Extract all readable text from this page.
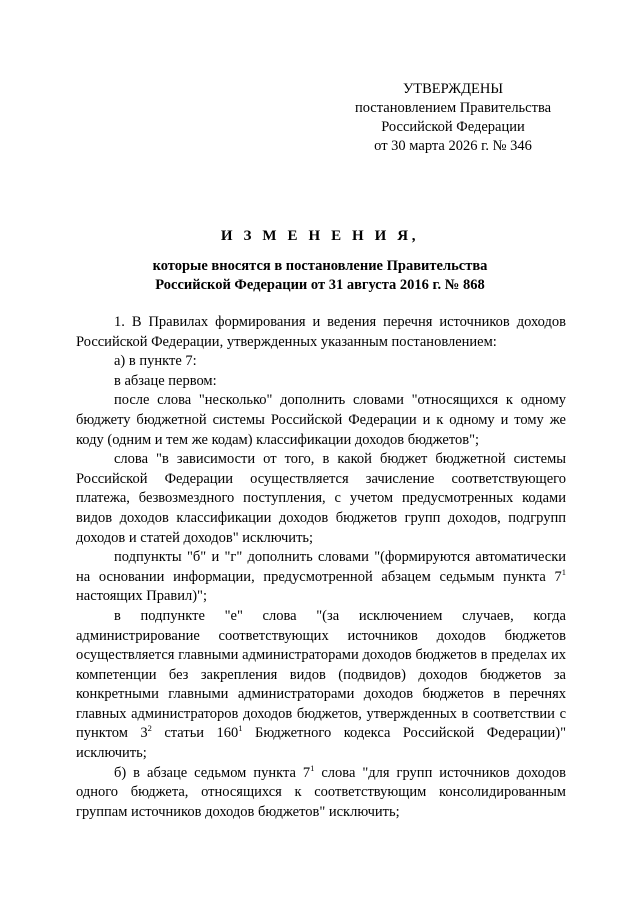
УТВЕРЖДЕНЫ
постановлением Правительства
Российской Федерации
от 30 марта 2026 г. № 346
И З М Е Н Е Н И Я,
которые вносятся в постановление Правительства
Российской Федерации от 31 августа 2016 г. № 868

1. В Правилах формирования и ведения перечня источников доходов Российской Федерации, утвержденных указанным постановлением:

а) в пункте 7:

в абзаце первом:

после слова "несколько" дополнить словами "относящихся к одному бюджету бюджетной системы Российской Федерации и к одному и тому же коду (одним и тем же кодам) классификации доходов бюджетов";

слова "в зависимости от того, в какой бюджет бюджетной системы Российской Федерации осуществляется зачисление соответствующего платежа, безвозмездного поступления, с учетом предусмотренных кодами видов доходов классификации доходов бюджетов групп доходов, подгрупп доходов и статей доходов" исключить;

подпункты "б" и "г" дополнить словами "(формируются автоматически на основании информации, предусмотренной абзацем седьмым пункта $7^1$ настоящих Правил)";

в подпункте "е" слова "(за исключением случаев, когда администрирование соответствующих источников доходов бюджетов осуществляется главными администраторами доходов бюджетов в пределах их компетенции без закрепления видов (подвидов) доходов бюджетов за конкретными главными администраторами доходов бюджетов в перечнях главных администраторов доходов бюджетов, утвержденных в соответствии с пунктом $3^2$ статьи $160^1$ Бюджетного кодекса Российской Федерации)" исключить;

б) в абзаце седьмом пункта $7^1$ слова "для групп источников доходов одного бюджета, относящихся к соответствующим консолидированным группам источников доходов бюджетов" исключить;
